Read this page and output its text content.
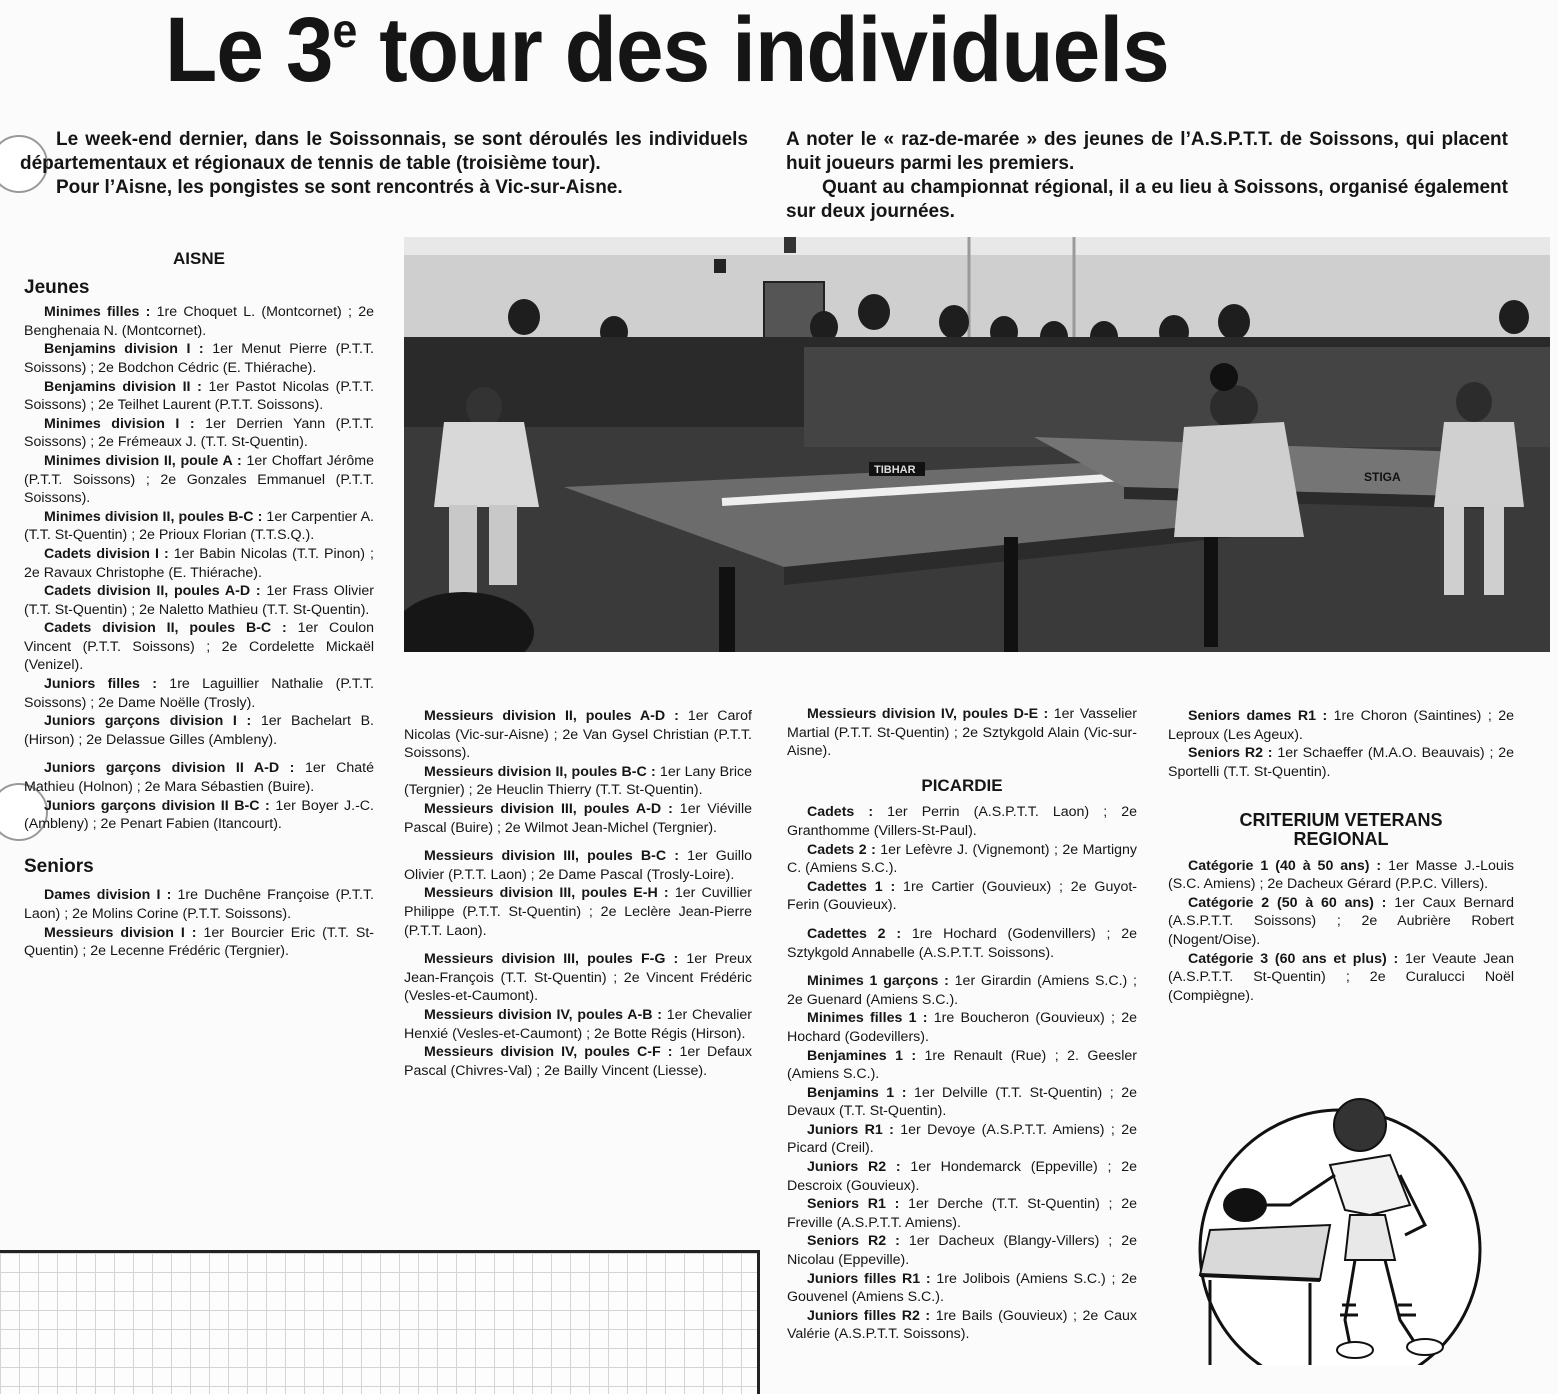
Le 3e tour des individuels

Le week-end dernier, dans le Soissonnais, se sont déroulés les individuels départementaux et régionaux de tennis de table (troisième tour).

Pour l’Aisne, les pongistes se sont rencontrés à Vic-sur-Aisne.

A noter le « raz-de-marée » des jeunes de l’A.S.P.T.T. de Soissons, qui placent huit joueurs parmi les premiers.

Quant au championnat régional, il a eu lieu à Soissons, organisé également sur deux journées.

STIGA
TIBHAR
AISNE
Jeunes

Minimes filles : 1re Choquet L. (Montcornet) ; 2e Benghenaia N. (Montcornet).

Benjamins division I : 1er Menut Pierre (P.T.T. Soissons) ; 2e Bodchon Cédric (E. Thiérache).

Benjamins division II : 1er Pastot Nicolas (P.T.T. Soissons) ; 2e Teilhet Laurent (P.T.T. Soissons).

Minimes division I : 1er Derrien Yann (P.T.T. Soissons) ; 2e Frémeaux J. (T.T. St-Quentin).

Minimes division II, poule A : 1er Choffart Jérôme (P.T.T. Soissons) ; 2e Gonzales Emmanuel (P.T.T. Soissons).

Minimes division II, poules B-C : 1er Carpentier A. (T.T. St-Quentin) ; 2e Prioux Florian (T.T.S.Q.).

Cadets division I : 1er Babin Nicolas (T.T. Pinon) ; 2e Ravaux Christophe (E. Thiérache).

Cadets division II, poules A-D : 1er Frass Olivier (T.T. St-Quentin) ; 2e Naletto Mathieu (T.T. St-Quentin).

Cadets division II, poules B-C : 1er Coulon Vincent (P.T.T. Soissons) ; 2e Cordelette Mickaël (Venizel).

Juniors filles : 1re Laguillier Nathalie (P.T.T. Soissons) ; 2e Dame Noëlle (Trosly).

Juniors garçons division I : 1er Bachelart B. (Hirson) ; 2e Delassue Gilles (Ambleny).

Juniors garçons division II A-D : 1er Chaté Mathieu (Holnon) ; 2e Mara Sébastien (Buire).

Juniors garçons division II B-C : 1er Boyer J.-C. (Ambleny) ; 2e Penart Fabien (Itancourt).

Seniors

Dames division I : 1re Duchêne Françoise (P.T.T. Laon) ; 2e Molins Corine (P.T.T. Soissons).

Messieurs division I : 1er Bourcier Eric (T.T. St-Quentin) ; 2e Lecenne Frédéric (Tergnier).

Messieurs division II, poules A-D : 1er Carof Nicolas (Vic-sur-Aisne) ; 2e Van Gysel Christian (P.T.T. Soissons).

Messieurs division II, poules B-C : 1er Lany Brice (Tergnier) ; 2e Heuclin Thierry (T.T. St-Quentin).

Messieurs division III, poules A-D : 1er Viéville Pascal (Buire) ; 2e Wilmot Jean-Michel (Tergnier).

Messieurs division III, poules B-C : 1er Guillo Olivier (P.T.T. Laon) ; 2e Dame Pascal (Trosly-Loire).

Messieurs division III, poules E-H : 1er Cuvillier Philippe (P.T.T. St-Quentin) ; 2e Leclère Jean-Pierre (P.T.T. Laon).

Messieurs division III, poules F-G : 1er Preux Jean-François (T.T. St-Quentin) ; 2e Vincent Frédéric (Vesles-et-Caumont).

Messieurs division IV, poules A-B : 1er Chevalier Henxié (Vesles-et-Caumont) ; 2e Botte Régis (Hirson).

Messieurs division IV, poules C-F : 1er Defaux Pascal (Chivres-Val) ; 2e Bailly Vincent (Liesse).

Messieurs division IV, poules D-E : 1er Vasselier Martial (P.T.T. St-Quentin) ; 2e Sztykgold Alain (Vic-sur-Aisne).

PICARDIE

Cadets : 1er Perrin (A.S.P.T.T. Laon) ; 2e Granthomme (Villers-St-Paul).

Cadets 2 : 1er Lefèvre J. (Vignemont) ; 2e Martigny C. (Amiens S.C.).

Cadettes 1 : 1re Cartier (Gouvieux) ; 2e Guyot-Ferin (Gouvieux).

Cadettes 2 : 1re Hochard (Godenvillers) ; 2e Sztykgold Annabelle (A.S.P.T.T. Soissons).

Minimes 1 garçons : 1er Girardin (Amiens S.C.) ; 2e Guenard (Amiens S.C.).

Minimes filles 1 : 1re Boucheron (Gouvieux) ; 2e Hochard (Godevillers).

Benjamines 1 : 1re Renault (Rue) ; 2. Geesler (Amiens S.C.).

Benjamins 1 : 1er Delville (T.T. St-Quentin) ; 2e Devaux (T.T. St-Quentin).

Juniors R1 : 1er Devoye (A.S.P.T.T. Amiens) ; 2e Picard (Creil).

Juniors R2 : 1er Hondemarck (Eppeville) ; 2e Descroix (Gouvieux).

Seniors R1 : 1er Derche (T.T. St-Quentin) ; 2e Freville (A.S.P.T.T. Amiens).

Seniors R2 : 1er Dacheux (Blangy-Villers) ; 2e Nicolau (Eppeville).

Juniors filles R1 : 1re Jolibois (Amiens S.C.) ; 2e Gouvenel (Amiens S.C.).

Juniors filles R2 : 1re Bails (Gouvieux) ; 2e Caux Valérie (A.S.P.T.T. Soissons).

Seniors dames R1 : 1re Choron (Saintines) ; 2e Leproux (Les Ageux).

Seniors R2 : 1er Schaeffer (M.A.O. Beauvais) ; 2e Sportelli (T.T. St-Quentin).

CRITERIUM VETERANS
REGIONAL

Catégorie 1 (40 à 50 ans) : 1er Masse J.-Louis (S.C. Amiens) ; 2e Dacheux Gérard (P.P.C. Villers).

Catégorie 2 (50 à 60 ans) : 1er Caux Bernard (A.S.P.T.T. Soissons) ; 2e Aubrière Robert (Nogent/Oise).

Catégorie 3 (60 ans et plus) : 1er Veaute Jean (A.S.P.T.T. St-Quentin) ; 2e Curalucci Noël (Compiègne).
